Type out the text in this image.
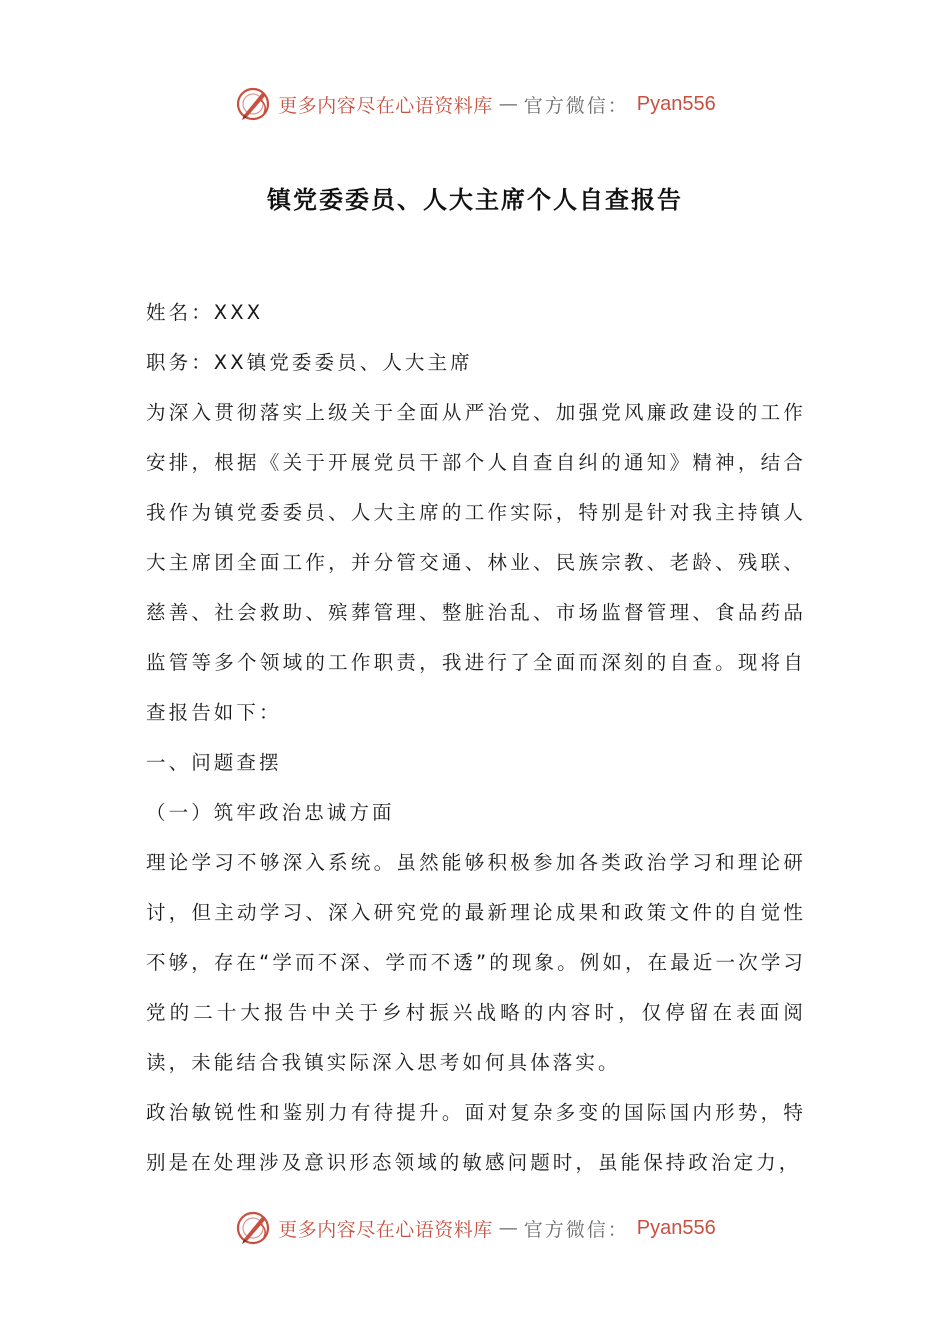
更多内容尽在心语资料库 — 官方微信： Pyan556
镇党委委员、人大主席个人自查报告

姓名：XXX

职务：XX镇党委委员、人大主席

为深入贯彻落实上级关于全面从严治党、加强党风廉政建设的工作安排，根据《关于开展党员干部个人自查自纠的通知》精神，结合我作为镇党委委员、人大主席的工作实际，特别是针对我主持镇人大主席团全面工作，并分管交通、林业、民族宗教、老龄、残联、慈善、社会救助、殡葬管理、整脏治乱、市场监督管理、食品药品监管等多个领域的工作职责，我进行了全面而深刻的自查。现将自查报告如下：

一、问题查摆

（一）筑牢政治忠诚方面

理论学习不够深入系统。虽然能够积极参加各类政治学习和理论研讨，但主动学习、深入研究党的最新理论成果和政策文件的自觉性不够，存在“学而不深、学而不透”的现象。例如，在最近一次学习党的二十大报告中关于乡村振兴战略的内容时，仅停留在表面阅读，未能结合我镇实际深入思考如何具体落实。

政治敏锐性和鉴别力有待提升。面对复杂多变的国际国内形势，特别是在处理涉及意识形态领域的敏感问题时，虽能保持政治定力，

更多内容尽在心语资料库 — 官方微信： Pyan556
